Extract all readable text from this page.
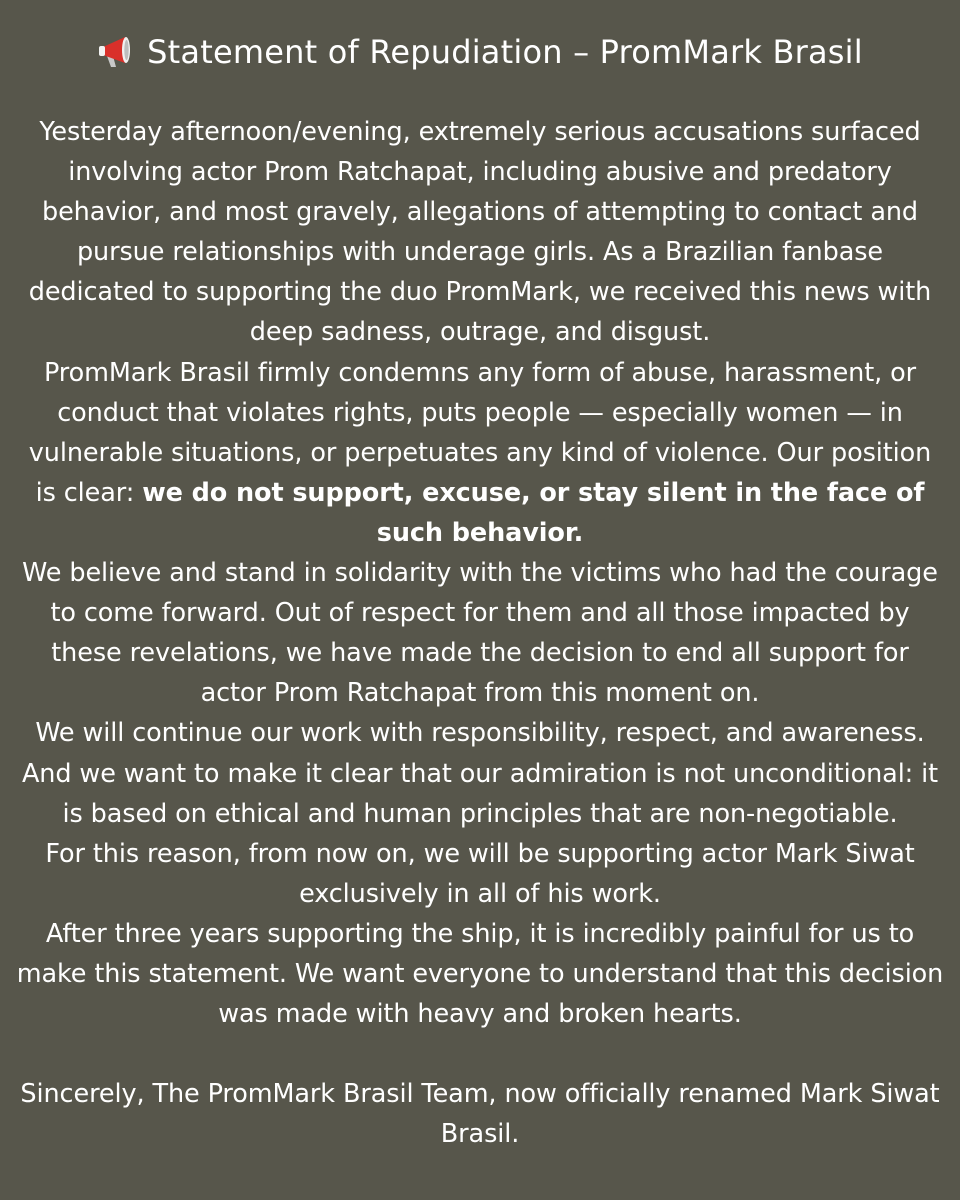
Statement of Repudiation – PromMark Brasil

Yesterday afternoon/evening, extremely serious accusations surfaced involving actor Prom Ratchapat, including abusive and predatory behavior, and most gravely, allegations of attempting to contact and pursue relationships with underage girls. As a Brazilian fanbase dedicated to supporting the duo PromMark, we received this news with deep sadness, outrage, and disgust.

PromMark Brasil firmly condemns any form of abuse, harassment, or conduct that violates rights, puts people — especially women — in vulnerable situations, or perpetuates any kind of violence. Our position is clear: we do not support, excuse, or stay silent in the face of such behavior.

We believe and stand in solidarity with the victims who had the courage to come forward. Out of respect for them and all those impacted by these revelations, we have made the decision to end all support for actor Prom Ratchapat from this moment on.

We will continue our work with responsibility, respect, and awareness. And we want to make it clear that our admiration is not unconditional: it is based on ethical and human principles that are non-negotiable.

For this reason, from now on, we will be supporting actor Mark Siwat exclusively in all of his work.

After three years supporting the ship, it is incredibly painful for us to make this statement. We want everyone to understand that this decision was made with heavy and broken hearts.

Sincerely, The PromMark Brasil Team, now officially renamed Mark Siwat Brasil.
